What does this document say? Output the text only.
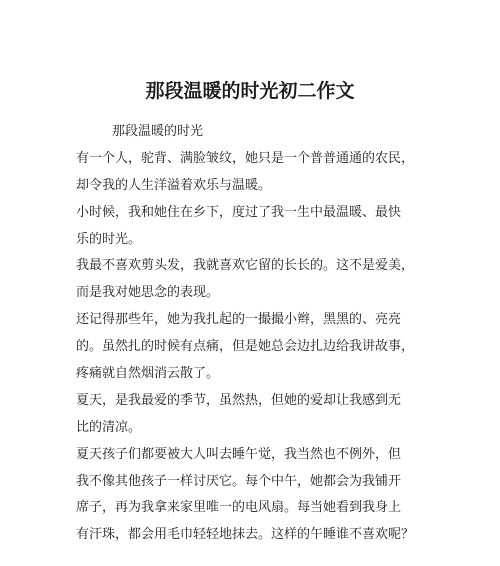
那段温暖的时光初二作文
那段温暖的时光
有一个人，驼背、满脸皱纹，她只是一个普普通通的农民，
却令我的人生洋溢着欢乐与温暖。
小时候，我和她住在乡下，度过了我一生中最温暖、最快
乐的时光。
我最不喜欢剪头发，我就喜欢它留的长长的。这不是爱美，
而是我对她思念的表现。
还记得那些年，她为我扎起的一撮撮小辫，黑黑的、亮亮
的。虽然扎的时候有点痛，但是她总会边扎边给我讲故事，
疼痛就自然烟消云散了。
夏天，是我最爱的季节，虽然热，但她的爱却让我感到无
比的清凉。
夏天孩子们都要被大人叫去睡午觉，我当然也不例外，但
我不像其他孩子一样讨厌它。每个中午，她都会为我铺开
席子，再为我拿来家里唯一的电风扇。每当她看到我身上
有汗珠，都会用毛巾轻轻地抹去。这样的午睡谁不喜欢呢？
